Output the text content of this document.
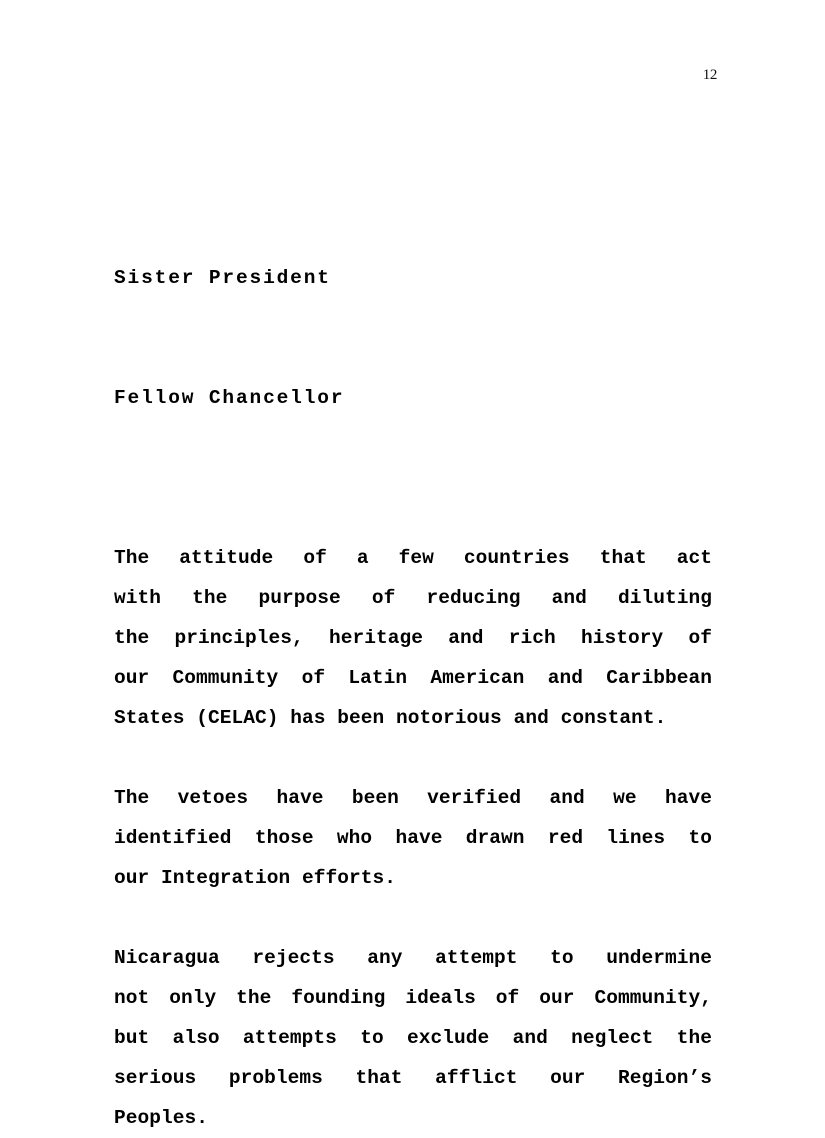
12

Sister President

Fellow Chancellor

The attitude of a few countries that act
with the purpose of reducing and diluting
the principles, heritage and rich history of
our Community of Latin American and Caribbean
States (CELAC) has been notorious and constant.

The vetoes have been verified and we have
identified those who have drawn red lines to
our Integration efforts.

Nicaragua rejects any attempt to undermine
not only the founding ideals of our Community,
but also attempts to exclude and neglect the
serious problems that afflict our Region’s
Peoples.
